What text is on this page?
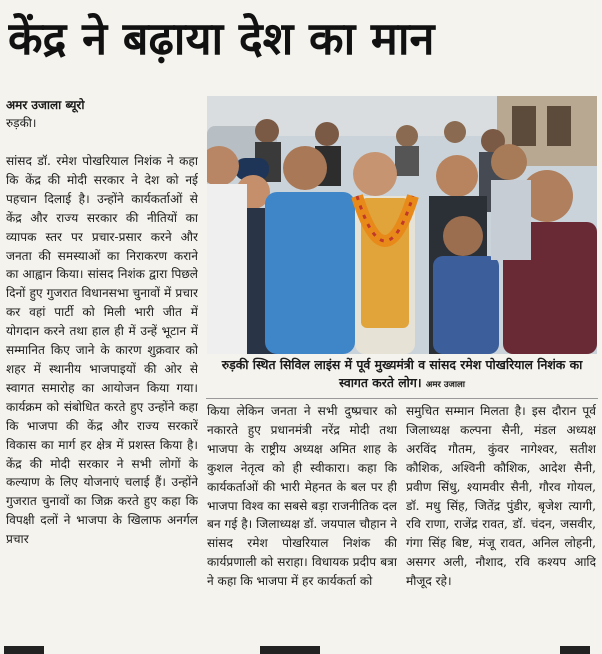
केंद्र ने बढ़ाया देश का मान
अमर उजाला ब्यूरो
रुड़की।
सांसद डॉ. रमेश पोखरियाल निशंक ने कहा कि केंद्र की मोदी सरकार ने देश को नई पहचान दिलाई है। उन्होंने कार्यकर्ताओं से केंद्र और राज्य सरकार की नीतियों का व्यापक स्तर पर प्रचार-प्रसार करने और जनता की समस्याओं का निराकरण कराने का आह्वान किया। सांसद निशंक द्वारा पिछले दिनों हुए गुजरात विधानसभा चुनावों में प्रचार कर वहां पार्टी को मिली भारी जीत में योगदान करने तथा हाल ही में उन्हें भूटान में सम्मानित किए जाने के कारण शुक्रवार को शहर में स्थानीय भाजपाइयों की ओर से स्वागत समारोह का आयोजन किया गया। कार्यक्रम को संबोधित करते हुए उन्होंने कहा कि भाजपा की केंद्र और राज्य सरकारें विकास का मार्ग हर क्षेत्र में प्रशस्त किया है। केंद्र की मोदी सरकार ने सभी लोगों के कल्याण के लिए योजनाएं चलाई हैं। उन्होंने गुजरात चुनावों का जिक्र करते हुए कहा कि विपक्षी दलों ने भाजपा के खिलाफ अनर्गल प्रचार
रुड़की स्थित सिविल लाइंस में पूर्व मुख्यमंत्री व सांसद रमेश पोखरियाल निशंक का स्वागत करते लोग। अमर उजाला
किया लेकिन जनता ने सभी दुष्प्रचार को नकारते हुए प्रधानमंत्री नरेंद्र मोदी तथा भाजपा के राष्ट्रीय अध्यक्ष अमित शाह के कुशल नेतृत्व को ही स्वीकारा। कहा कि कार्यकर्ताओं की भारी मेहनत के बल पर ही भाजपा विश्व का सबसे बड़ा राजनीतिक दल बन गई है। जिलाध्यक्ष डॉ. जयपाल चौहान ने सांसद रमेश पोखरियाल निशंक की कार्यप्रणाली को सराहा। विधायक प्रदीप बत्रा ने कहा कि भाजपा में हर कार्यकर्ता को
समुचित सम्मान मिलता है। इस दौरान पूर्व जिलाध्यक्ष कल्पना सैनी, मंडल अध्यक्ष अरविंद गौतम, कुंवर नागेश्वर, सतीश कौशिक, अश्विनी कौशिक, आदेश सैनी, प्रवीण सिंधु, श्यामवीर सैनी, गौरव गोयल, डॉ. मधु सिंह, जितेंद्र पुंडीर, बृजेश त्यागी, रवि राणा, राजेंद्र रावत, डॉ. चंदन, जसवीर, गंगा सिंह बिष्ट, मंजू रावत, अनिल लोहनी, असगर अली, नौशाद, रवि कश्यप आदि मौजूद रहे।
